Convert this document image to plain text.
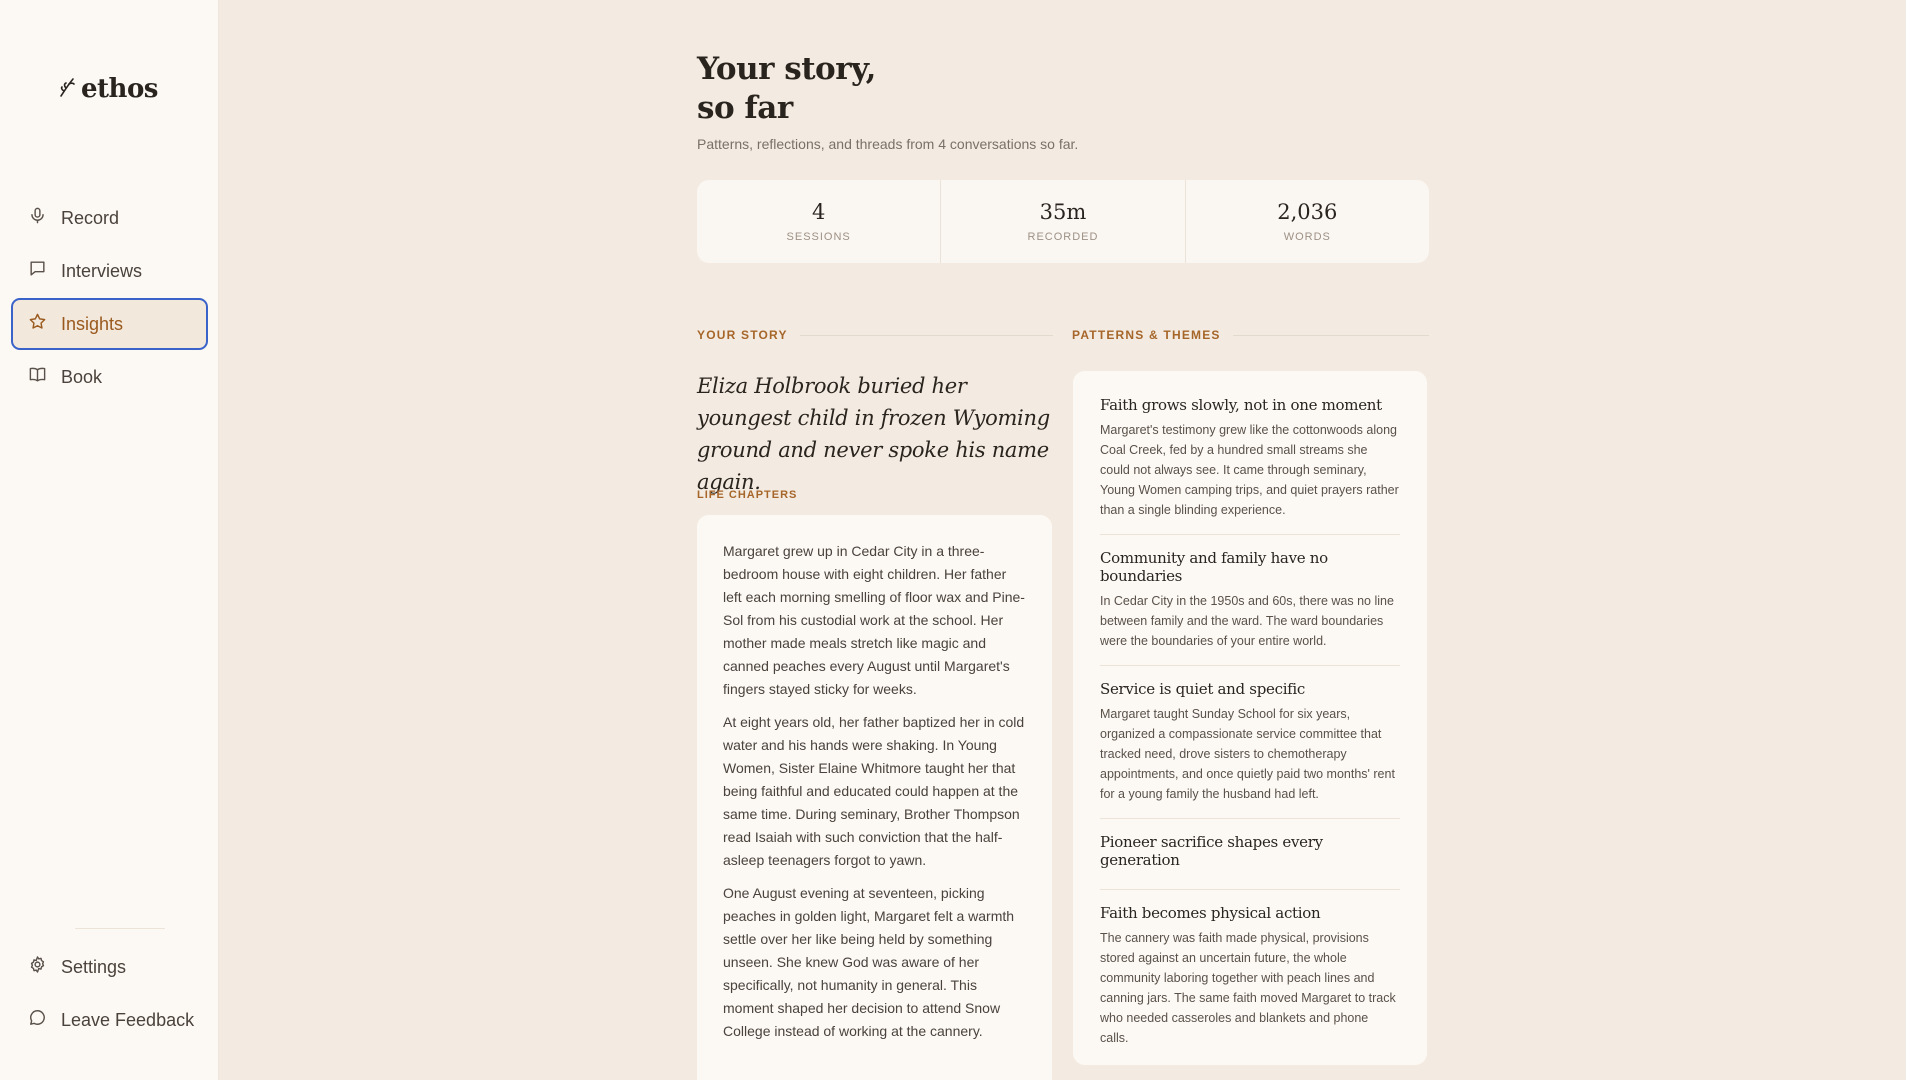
ethos
Record
Interviews
Insights
Book
Settings
Leave Feedback
Your story,
so far
Patterns, reflections, and threads from 4 conversations so far.
4
SESSIONS
35m
RECORDED
2,036
WORDS
YOUR STORY	PATTERNS & THEMES
Eliza Holbrook buried her youngest child in frozen Wyoming ground and never spoke his name again.
LIFE CHAPTERS

Margaret grew up in Cedar City in a three-bedroom house with eight children. Her father left each morning smelling of floor wax and Pine-Sol from his custodial work at the school. Her mother made meals stretch like magic and canned peaches every August until Margaret's fingers stayed sticky for weeks.

At eight years old, her father baptized her in cold water and his hands were shaking. In Young Women, Sister Elaine Whitmore taught her that being faithful and educated could happen at the same time. During seminary, Brother Thompson read Isaiah with such conviction that the half-asleep teenagers forgot to yawn.

One August evening at seventeen, picking peaches in golden light, Margaret felt a warmth settle over her like being held by something unseen. She knew God was aware of her specifically, not humanity in general. This moment shaped her decision to attend Snow College instead of working at the cannery.

Faith grows slowly, not in one moment
Margaret's testimony grew like the cottonwoods along Coal Creek, fed by a hundred small streams she could not always see. It came through seminary, Young Women camping trips, and quiet prayers rather than a single blinding experience.
Community and family have no boundaries
In Cedar City in the 1950s and 60s, there was no line between family and the ward. The ward boundaries were the boundaries of your entire world.
Service is quiet and specific
Margaret taught Sunday School for six years, organized a compassionate service committee that tracked need, drove sisters to chemotherapy appointments, and once quietly paid two months' rent for a young family the husband had left.
Pioneer sacrifice shapes every generation
Faith becomes physical action
The cannery was faith made physical, provisions stored against an uncertain future, the whole community laboring together with peach lines and canning jars. The same faith moved Margaret to track who needed casseroles and blankets and phone calls.
